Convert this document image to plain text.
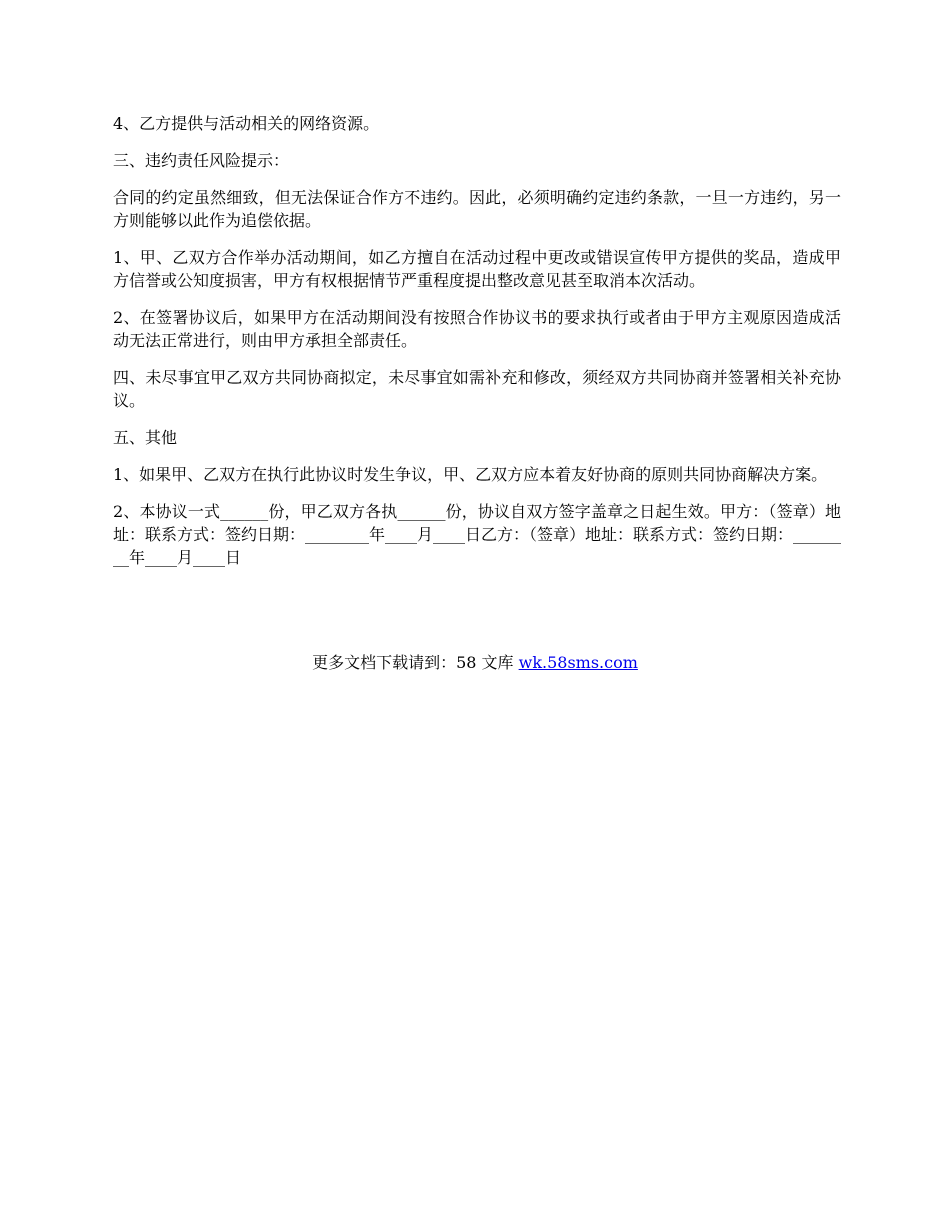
4、乙方提供与活动相关的网络资源。

三、违约责任风险提示：

合同的约定虽然细致，但无法保证合作方不违约。因此，必须明确约定违约条款，一旦一方违约，另一方则能够以此作为追偿依据。

1、甲、乙双方合作举办活动期间，如乙方擅自在活动过程中更改或错误宣传甲方提供的奖品，造成甲方信誉或公知度损害，甲方有权根据情节严重程度提出整改意见甚至取消本次活动。

2、在签署协议后，如果甲方在活动期间没有按照合作协议书的要求执行或者由于甲方主观原因造成活动无法正常进行，则由甲方承担全部责任。

四、未尽事宜甲乙双方共同协商拟定，未尽事宜如需补充和修改，须经双方共同协商并签署相关补充协议。

五、其他

1、如果甲、乙双方在执行此协议时发生争议，甲、乙双方应本着友好协商的原则共同协商解决方案。

2、本协议一式______份，甲乙双方各执______份，协议自双方签字盖章之日起生效。甲方：（签章）地址：联系方式：签约日期：________年____月____日乙方：（签章）地址：联系方式：签约日期：________年____月____日

更多文档下载请到：58 文库 wk.58sms.com
